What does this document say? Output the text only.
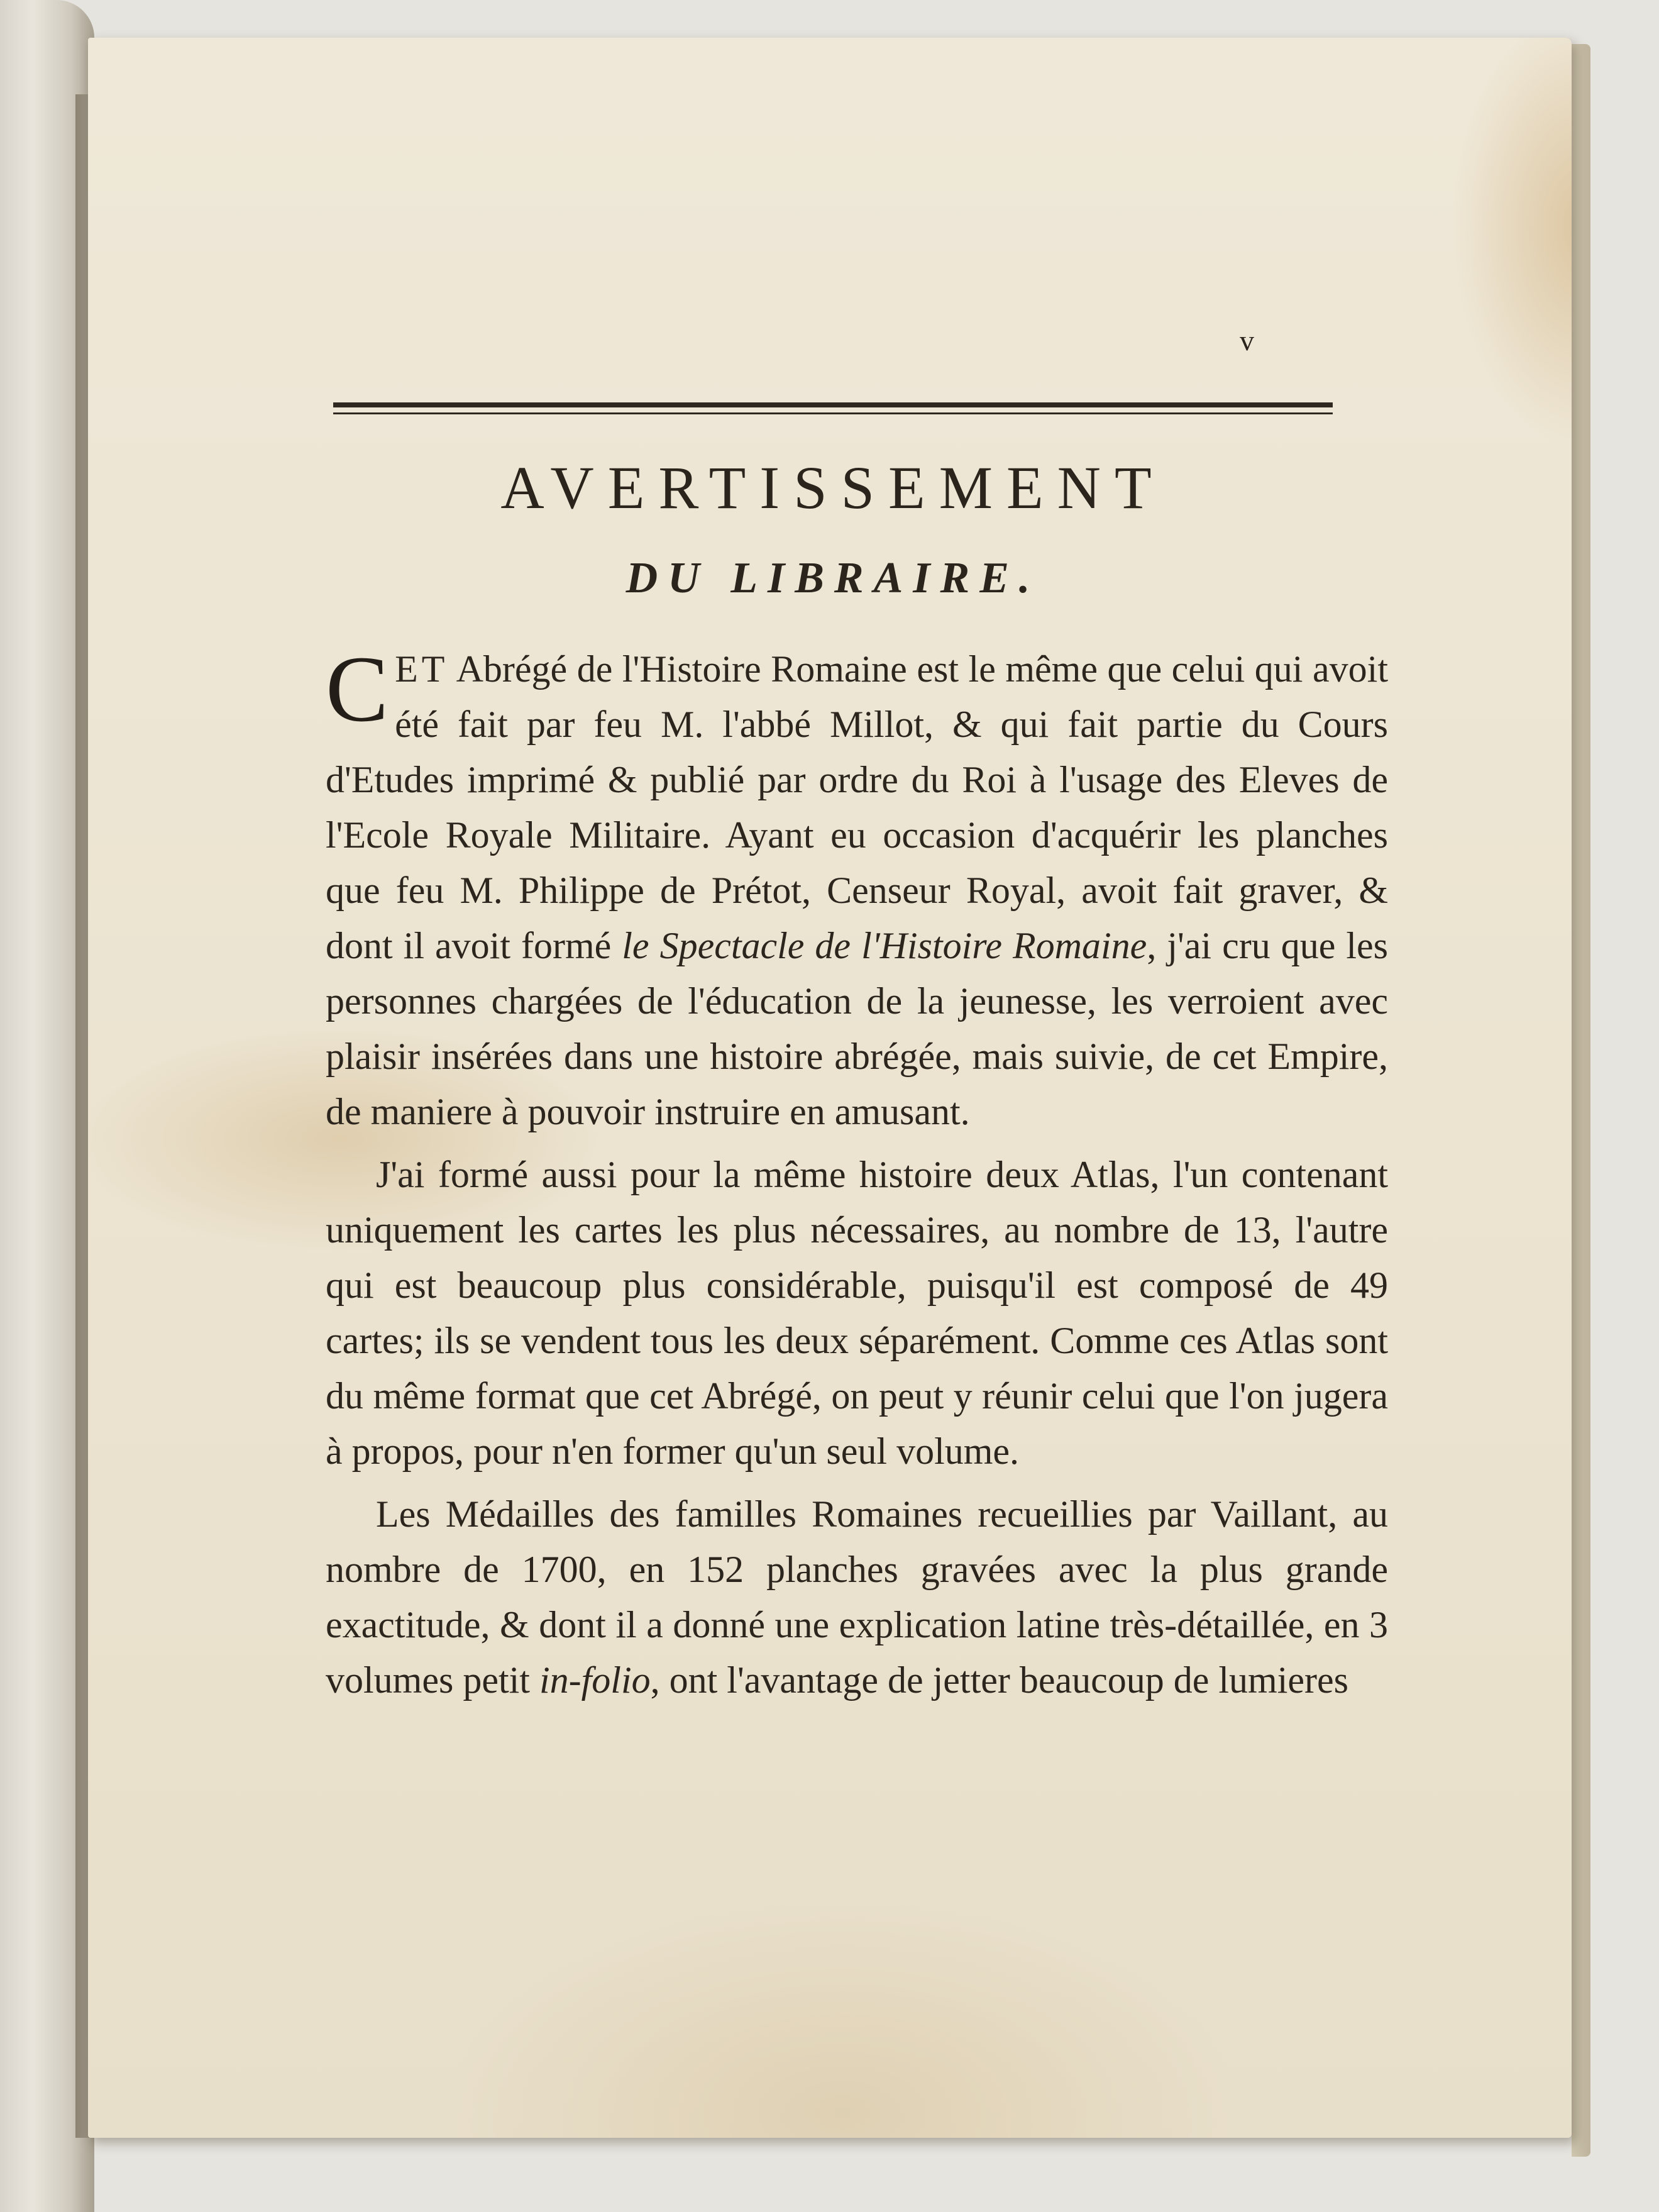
v
AVERTISSEMENT
DU LIBRAIRE.

CET Abrégé de l'Histoire Romaine est le même que celui qui avoit été fait par feu M. l'abbé Millot, & qui fait partie du Cours d'Etudes imprimé & publié par ordre du Roi à l'usage des Eleves de l'Ecole Royale Militaire. Ayant eu occasion d'acquérir les planches que feu M. Philippe de Prétot, Censeur Royal, avoit fait graver, & dont il avoit formé le Spectacle de l'Histoire Romaine, j'ai cru que les personnes chargées de l'éducation de la jeunesse, les verroient avec plaisir insérées dans une histoire abrégée, mais suivie, de cet Empire, de maniere à pouvoir instruire en amusant.

J'ai formé aussi pour la même histoire deux Atlas, l'un contenant uniquement les cartes les plus nécessaires, au nombre de 13, l'autre qui est beaucoup plus considérable, puisqu'il est composé de 49 cartes; ils se vendent tous les deux séparément. Comme ces Atlas sont du même format que cet Abrégé, on peut y réunir celui que l'on jugera à propos, pour n'en former qu'un seul volume.

Les Médailles des familles Romaines recueillies par Vaillant, au nombre de 1700, en 152 planches gravées avec la plus grande exactitude, & dont il a donné une explication latine très-détaillée, en 3 volumes petit in-folio, ont l'avantage de jetter beaucoup de lumieres
